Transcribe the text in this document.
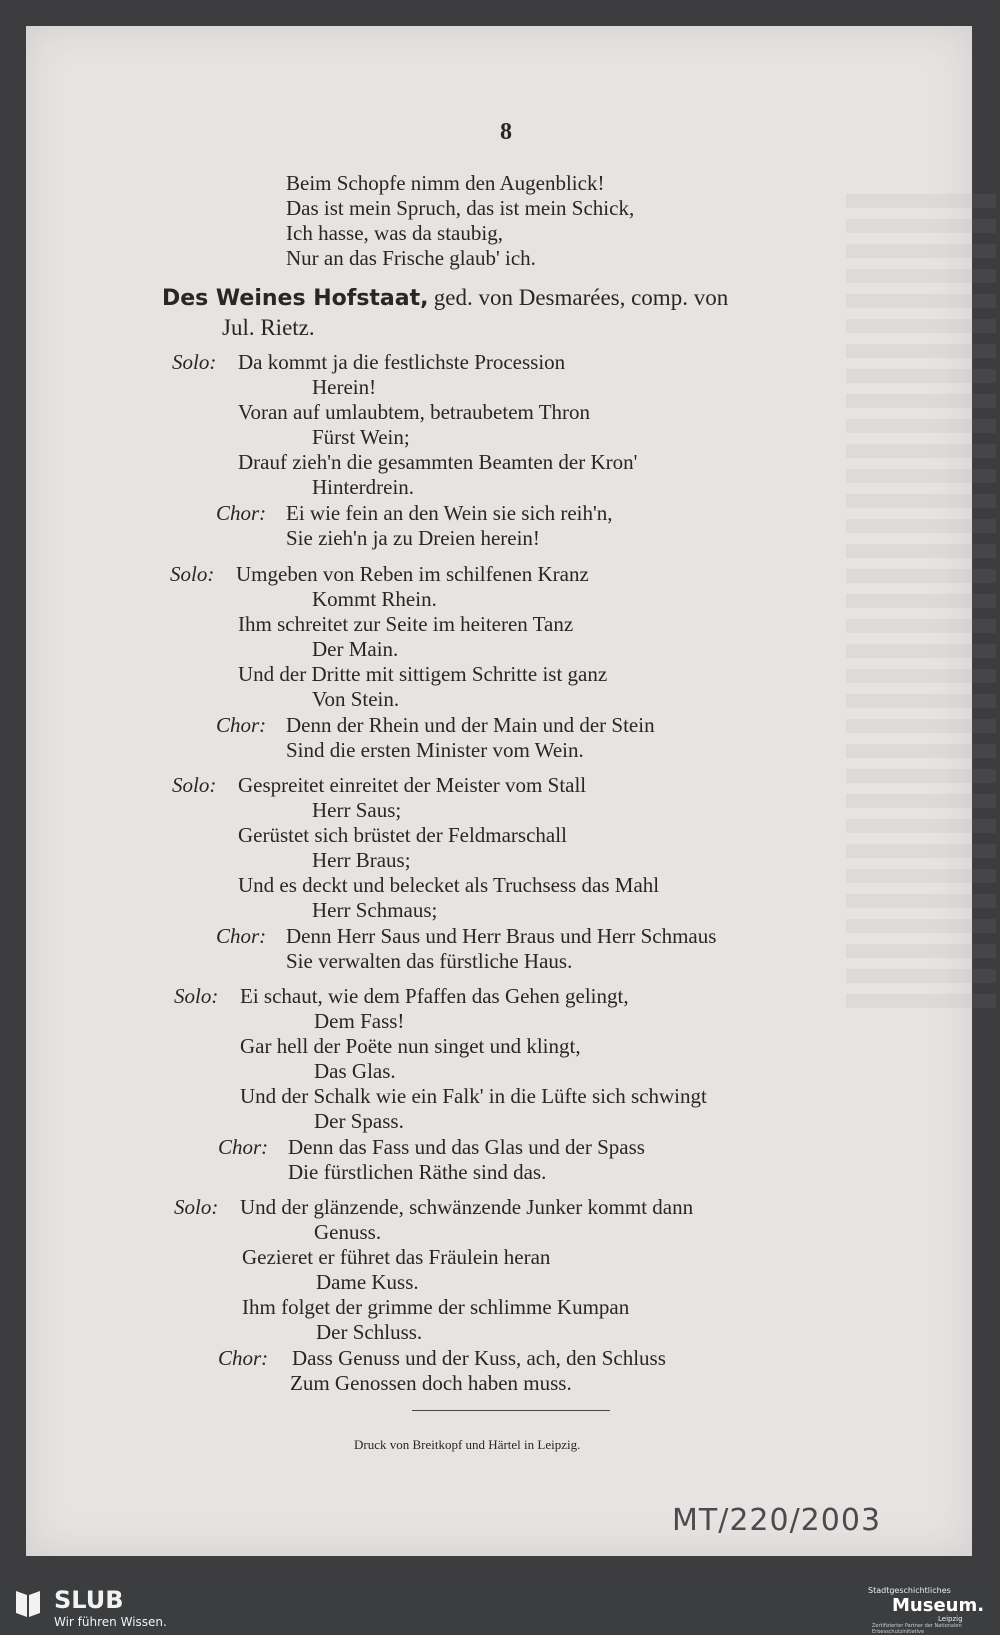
8
Beim Schopfe nimm den Augenblick!
Das ist mein Spruch, das ist mein Schick,
Ich hasse, was da staubig,
Nur an das Frische glaub' ich.
Des Weines Hofstaat, ged. von Desmarées, comp. von
Jul. Rietz.
Solo: Da kommt ja die festlichste Procession
Herein!
Voran auf umlaubtem, betraubetem Thron
Fürst Wein;
Drauf zieh'n die gesammten Beamten der Kron'
Hinterdrein.
Chor: Ei wie fein an den Wein sie sich reih'n,
Sie zieh'n ja zu Dreien herein!
Solo: Umgeben von Reben im schilfenen Kranz
Kommt Rhein.
Ihm schreitet zur Seite im heiteren Tanz
Der Main.
Und der Dritte mit sittigem Schritte ist ganz
Von Stein.
Chor: Denn der Rhein und der Main und der Stein
Sind die ersten Minister vom Wein.
Solo: Gespreitet einreitet der Meister vom Stall
Herr Saus;
Gerüstet sich brüstet der Feldmarschall
Herr Braus;
Und es deckt und belecket als Truchsess das Mahl
Herr Schmaus;
Chor: Denn Herr Saus und Herr Braus und Herr Schmaus
Sie verwalten das fürstliche Haus.
Solo: Ei schaut, wie dem Pfaffen das Gehen gelingt,
Dem Fass!
Gar hell der Poëte nun singet und klingt,
Das Glas.
Und der Schalk wie ein Falk' in die Lüfte sich schwingt
Der Spass.
Chor: Denn das Fass und das Glas und der Spass
Die fürstlichen Räthe sind das.
Solo: Und der glänzende, schwänzende Junker kommt dann
Genuss.
Gezieret er führet das Fräulein heran
Dame Kuss.
Ihm folget der grimme der schlimme Kumpan
Der Schluss.
Chor: Dass Genuss und der Kuss, ach, den Schluss
Zum Genossen doch haben muss.
Druck von Breitkopf und Härtel in Leipzig.
MT/220/2003
SLUB
Wir führen Wissen.
Stadtgeschichtliches
Museum.
Leipzig
Zertifizierter Partner der Nationalen Erbesschutzinitiative
